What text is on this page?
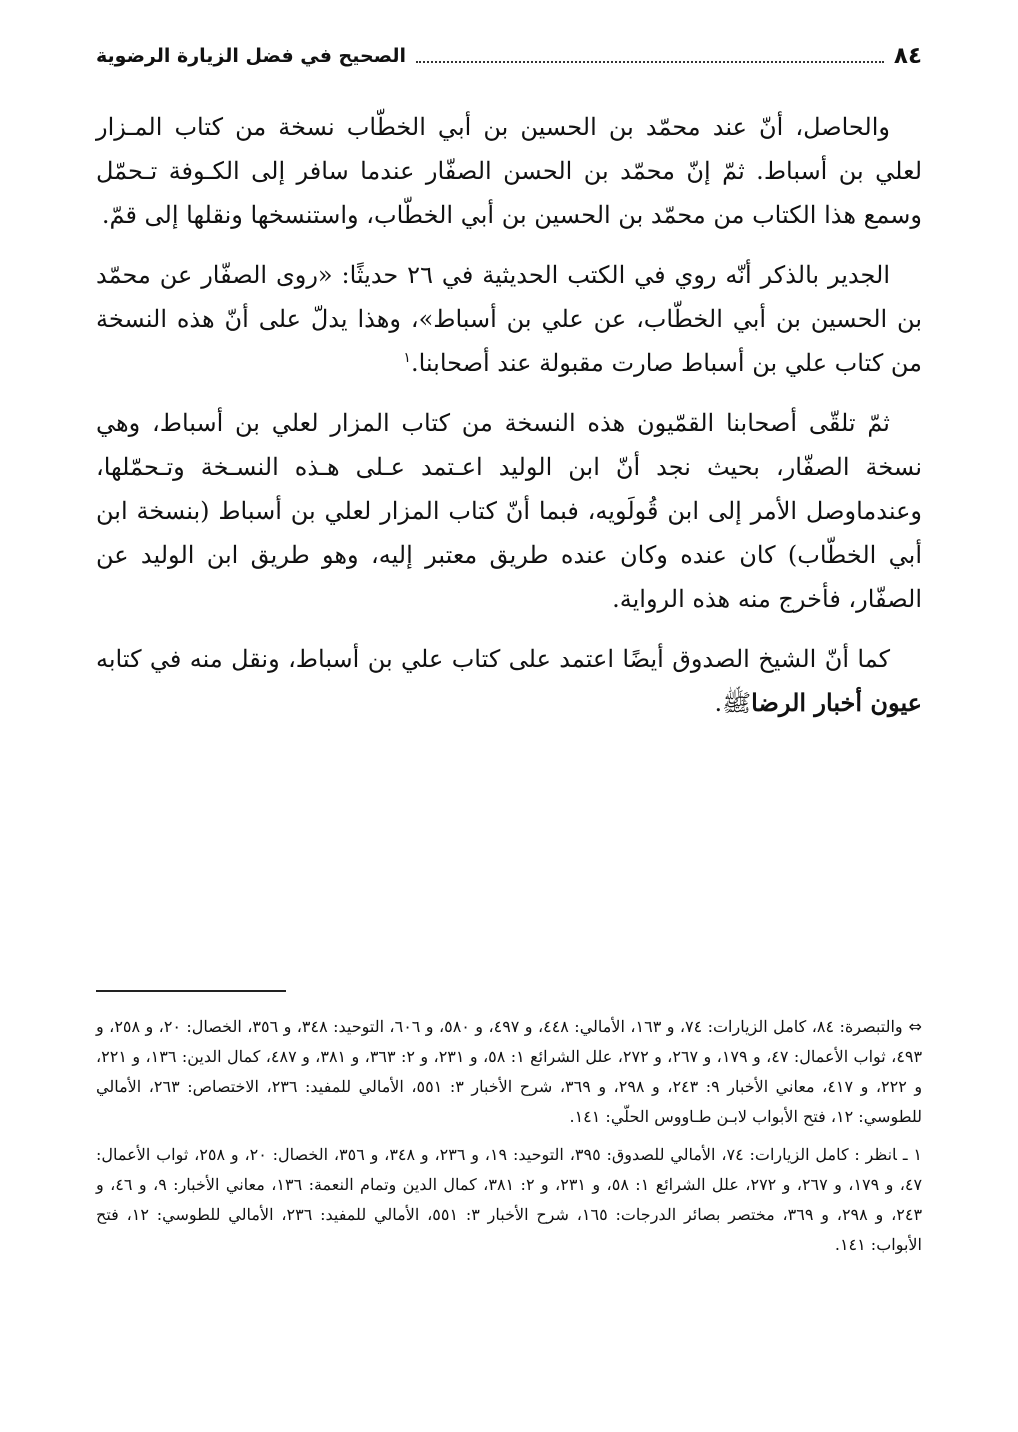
٨٤
الصحيح في فضل الزيارة الرضوية

والحاصل، أنّ عند محمّد بن الحسين بن أبي الخطّاب نسخة من كتاب المـزار لعلي بن أسباط. ثمّ إنّ محمّد بن الحسن الصفّار عندما سافر إلى الكـوفة تـحمّل وسمع هذا الكتاب من محمّد بن الحسين بن أبي الخطّاب، واستنسخها ونقلها إلى قمّ.

الجدير بالذكر أنّه روي في الكتب الحديثية في ٢٦ حديثًا: «روى الصفّار عن محمّد بن الحسين بن أبي الخطّاب، عن علي بن أسباط»، وهذا يدلّ على أنّ هذه النسخة من كتاب علي بن أسباط صارت مقبولة عند أصحابنا.$^١$

ثمّ تلقّى أصحابنا القمّيون هذه النسخة من كتاب المزار لعلي بن أسباط، وهي نسخة الصفّار، بحيث نجد أنّ ابن الوليد اعـتمد عـلى هـذه النسـخة وتـحمّلها، وعندماوصل الأمر إلى ابن قُولَويه، فبما أنّ كتاب المزار لعلي بن أسباط (بنسخة ابن أبي الخطّاب) كان عنده وكان عنده طريق معتبر إليه، وهو طريق ابن الوليد عن الصفّار، فأخرج منه هذه الرواية.

كما أنّ الشيخ الصدوق أيضًا اعتمد على كتاب علي بن أسباط، ونقل منه في كتابه عيون أخبار الرضاﷺ.

⇔والتبصرة: ٨٤، كامل الزيارات: ٧٤، و ١٦٣، الأمالي: ٤٤٨، و ٤٩٧، و ٥٨٠، و ٦٠٦، التوحيد: ٣٤٨، و ٣٥٦، الخصال: ٢٠، و ٢٥٨، و ٤٩٣، ثواب الأعمال: ٤٧، و ١٧٩، و ٢٦٧، و ٢٧٢، علل الشرائع ١: ٥٨، و ٢٣١، و ٢: ٣٦٣، و ٣٨١، و ٤٨٧، كمال الدين: ١٣٦، و ٢٢١، و ٢٢٢، و ٤١٧، معاني الأخبار ٩: ٢٤٣، و ٢٩٨، و ٣٦٩، شرح الأخبار ٣: ٥٥١، الأمالي للمفيد: ٢٣٦، الاختصاص: ٢٦٣، الأمالي للطوسي: ١٢، فتح الأبواب لابـن طـاووس الحلّي: ١٤١.

١ ـانظر : كامل الزيارات: ٧٤، الأمالي للصدوق: ٣٩٥، التوحيد: ١٩، و ٢٣٦، و ٣٤٨، و ٣٥٦، الخصال: ٢٠، و ٢٥٨، ثواب الأعمال: ٤٧، و ١٧٩، و ٢٦٧، و ٢٧٢، علل الشرائع ١: ٥٨، و ٢٣١، و ٢: ٣٨١، كمال الدين وتمام النعمة: ١٣٦، معاني الأخبار: ٩، و ٤٦، و ٢٤٣، و ٢٩٨، و ٣٦٩، مختصر بصائر الدرجات: ١٦٥، شرح الأخبار ٣: ٥٥١، الأمالي للمفيد: ٢٣٦، الأمالي للطوسي: ١٢، فتح الأبواب: ١٤١.
